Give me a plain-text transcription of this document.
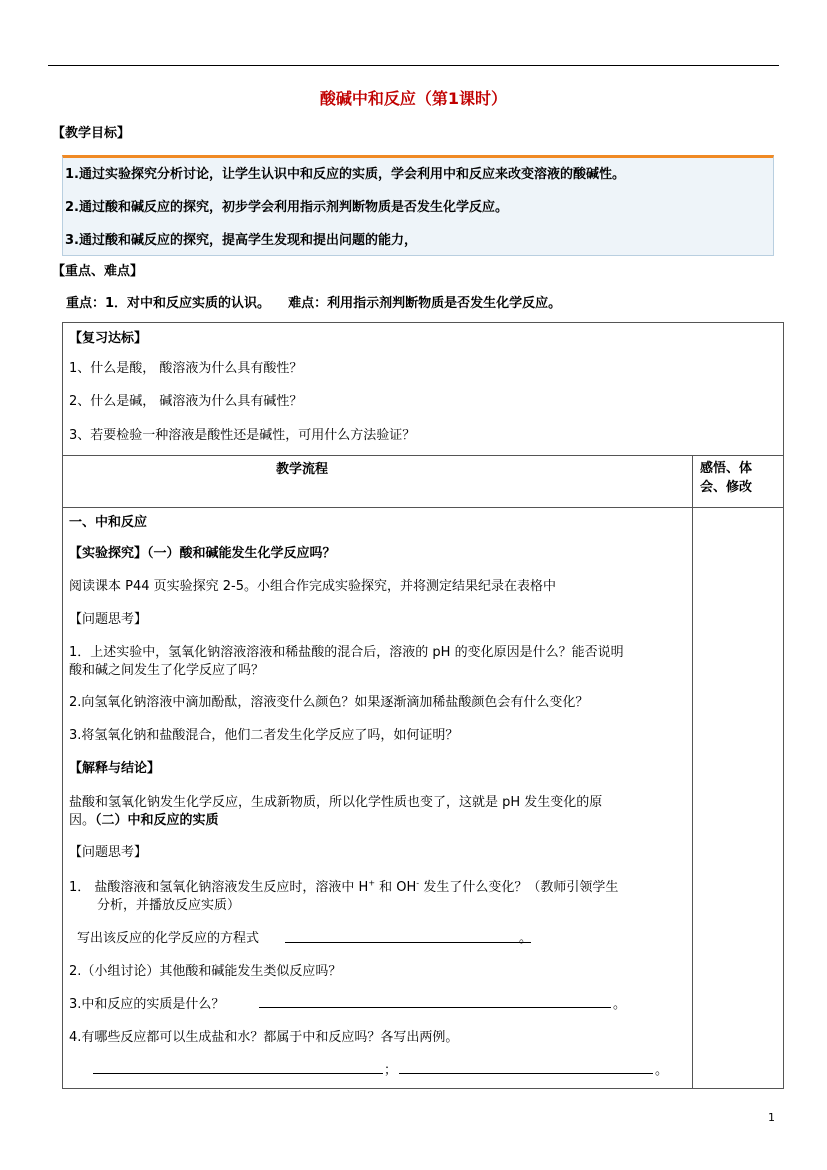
酸碱中和反应（第1课时）
【教学目标】
1.通过实验探究分析讨论，让学生认识中和反应的实质，学会利用中和反应来改变溶液的酸碱性。
2.通过酸和碱反应的探究，初步学会利用指示剂判断物质是否发生化学反应。
3.通过酸和碱反应的探究，提高学生发现和提出问题的能力，
【重点、难点】
重点：1．对中和反应实质的认识。    难点：利用指示剂判断物质是否发生化学反应。
【复习达标】
1、什么是酸， 酸溶液为什么具有酸性？
2、什么是碱， 碱溶液为什么具有碱性？
3、若要检验一种溶液是酸性还是碱性，可用什么方法验证？
教学流程	感悟、体
会、修改
一、中和反应
【实验探究】（一）酸和碱能发生化学反应吗？
阅读课本 P44 页实验探究 2-5。小组合作完成实验探究，并将测定结果纪录在表格中
【问题思考】
1．上述实验中，氢氧化钠溶液溶液和稀盐酸的混合后，溶液的 pH 的变化原因是什么？能否说明
酸和碱之间发生了化学反应了吗？
2.向氢氧化钠溶液中滴加酚酞，溶液变什么颜色？如果逐渐滴加稀盐酸颜色会有什么变化？
3.将氢氧化钠和盐酸混合，他们二者发生化学反应了吗，如何证明？
【解释与结论】
盐酸和氢氧化钠发生化学反应，生成新物质，所以化学性质也变了，这就是 pH 发生变化的原
因。（二）中和反应的实质
【问题思考】
1． 盐酸溶液和氢氧化钠溶液发生反应时，溶液中 H+ 和 OH- 发生了什么变化？（教师引领学生
分析，并播放反应实质）
写出该反应的化学反应的方程式	。
2.（小组讨论）其他酸和碱能发生类似反应吗？
3.中和反应的实质是什么？	。
4.有哪些反应都可以生成盐和水？都属于中和反应吗？各写出两例。
；	。
1
